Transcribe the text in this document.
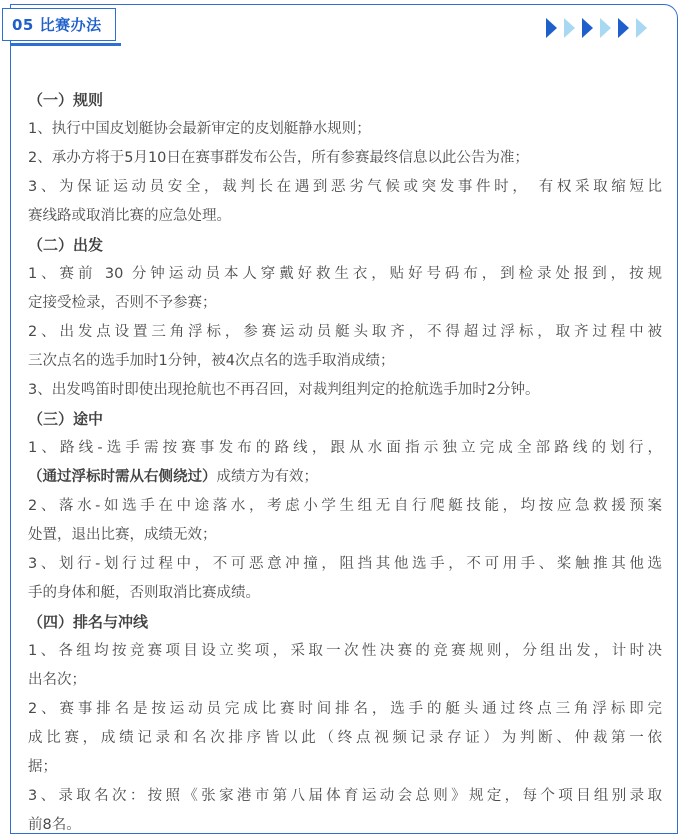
05 比赛办法
（一）规则
1、执行中国皮划艇协会最新审定的皮划艇静水规则；
2、承办方将于5月10日在赛事群发布公告，所有参赛最终信息以此公告为准；
3、为保证运动员安全，裁判长在遇到恶劣气候或突发事件时， 有权采取缩短比
赛线路或取消比赛的应急处理。
（二）出发
1、赛前 30 分钟运动员本人穿戴好救生衣，贴好号码布，到检录处报到，按规
定接受检录，否则不予参赛；
2、出发点设置三角浮标，参赛运动员艇头取齐，不得超过浮标，取齐过程中被
三次点名的选手加时1分钟，被4次点名的选手取消成绩；
3、出发鸣笛时即使出现抢航也不再召回，对裁判组判定的抢航选手加时2分钟。
（三）途中
1、路线-选手需按赛事发布的路线，跟从水面指示独立完成全部路线的划行，
（通过浮标时需从右侧绕过）成绩方为有效；
2、落水-如选手在中途落水，考虑小学生组无自行爬艇技能，均按应急救援预案
处置，退出比赛，成绩无效；
3、划行-划行过程中，不可恶意冲撞，阻挡其他选手，不可用手、桨触推其他选
手的身体和艇，否则取消比赛成绩。
（四）排名与冲线
1、各组均按竞赛项目设立奖项，采取一次性决赛的竞赛规则，分组出发，计时决
出名次；
2、赛事排名是按运动员完成比赛时间排名，选手的艇头通过终点三角浮标即完
成比赛，成绩记录和名次排序皆以此（终点视频记录存证）为判断、仲裁第一依
据；
3、录取名次：按照《张家港市第八届体育运动会总则》规定，每个项目组别录取
前8名。
